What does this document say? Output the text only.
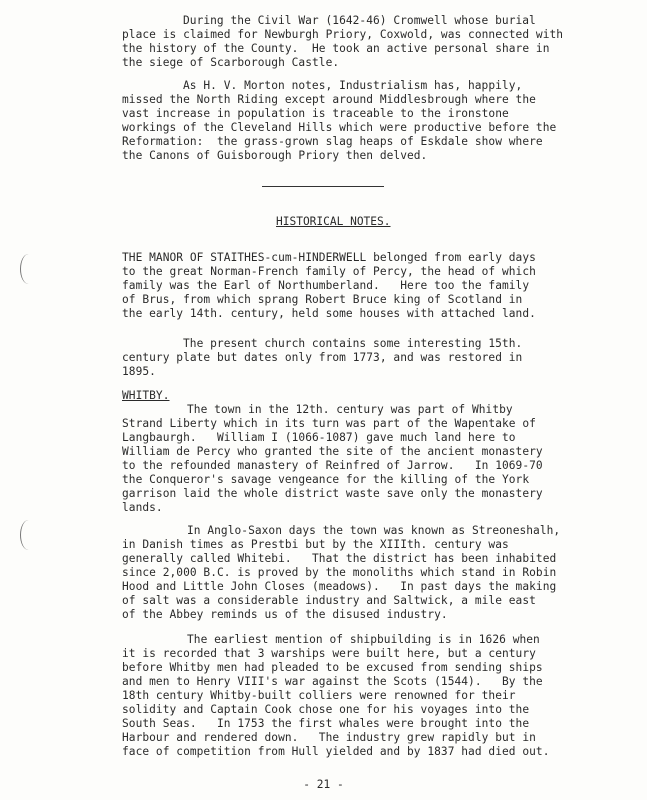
During the Civil War (1642-46) Cromwell whose burial
place is claimed for Newburgh Priory, Coxwold, was connected with
the history of the County.  He took an active personal share in
the siege of Scarborough Castle.
As H. V. Morton notes, Industrialism has, happily,
missed the North Riding except around Middlesbrough where the
vast increase in population is traceable to the ironstone
workings of the Cleveland Hills which were productive before the
Reformation:  the grass-grown slag heaps of Eskdale show where
the Canons of Guisborough Priory then delved.
HISTORICAL NOTES.
THE MANOR OF STAITHES-cum-HINDERWELL belonged from early days
to the great Norman-French family of Percy, the head of which
family was the Earl of Northumberland.   Here too the family
of Brus, from which sprang Robert Bruce king of Scotland in
the early 14th. century, held some houses with attached land.
The present church contains some interesting 15th.
century plate but dates only from 1773, and was restored in
1895.
WHITBY.
The town in the 12th. century was part of Whitby
Strand Liberty which in its turn was part of the Wapentake of
Langbaurgh.   William I (1066-1087) gave much land here to
William de Percy who granted the site of the ancient monastery
to the refounded manastery of Reinfred of Jarrow.   In 1069-70
the Conqueror's savage vengeance for the killing of the York
garrison laid the whole district waste save only the monastery
lands.
In Anglo-Saxon days the town was known as Streoneshalh,
in Danish times as Prestbi but by the XIIIth. century was
generally called Whitebi.   That the district has been inhabited
since 2,000 B.C. is proved by the monoliths which stand in Robin
Hood and Little John Closes (meadows).   In past days the making
of salt was a considerable industry and Saltwick, a mile east
of the Abbey reminds us of the disused industry.
The earliest mention of shipbuilding is in 1626 when
it is recorded that 3 warships were built here, but a century
before Whitby men had pleaded to be excused from sending ships
and men to Henry VIII's war against the Scots (1544).   By the
18th century Whitby-built colliers were renowned for their
solidity and Captain Cook chose one for his voyages into the
South Seas.   In 1753 the first whales were brought into the
Harbour and rendered down.   The industry grew rapidly but in
face of competition from Hull yielded and by 1837 had died out.
- 21 -
